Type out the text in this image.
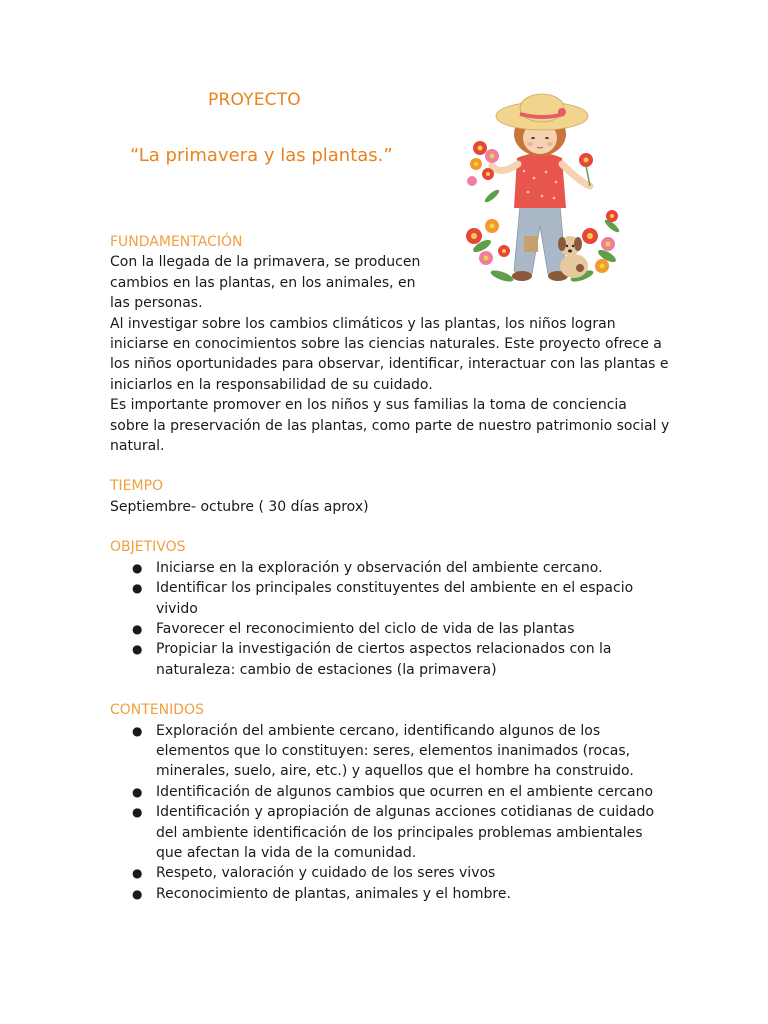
PROYECTO
“La primavera y las plantas.”
FUNDAMENTACIÓN
Con la llegada de la primavera, se producen
cambios en las plantas, en los animales, en
las personas.

Al investigar sobre los cambios climáticos y las plantas, los niños logran iniciarse en conocimientos sobre las ciencias naturales. Este proyecto ofrece a los niños oportunidades para observar, identificar, interactuar con las plantas e iniciarlos en la responsabilidad de su cuidado.

Es importante promover en los niños y sus familias la toma de conciencia sobre la preservación de las plantas, como parte de nuestro patrimonio social y natural.

TIEMPO
Septiembre- octubre ( 30 días aprox)
OBJETIVOS
● Iniciarse en la exploración y observación del ambiente cercano.
● Identificar los principales constituyentes del ambiente en el espacio vivido
● Favorecer el reconocimiento del ciclo de vida de las plantas
● Propiciar la investigación de ciertos aspectos relacionados con la naturaleza: cambio de estaciones (la primavera)
CONTENIDOS
● Exploración del ambiente cercano, identificando algunos de los elementos que lo constituyen: seres, elementos inanimados (rocas, minerales, suelo, aire, etc.) y aquellos que el hombre ha construido.
● Identificación de algunos cambios que ocurren en el ambiente cercano
● Identificación y apropiación de algunas acciones cotidianas de cuidado del ambiente identificación de los principales problemas ambientales que afectan la vida de la comunidad.
● Respeto, valoración y cuidado de los seres vivos
● Reconocimiento de plantas, animales y el hombre.
